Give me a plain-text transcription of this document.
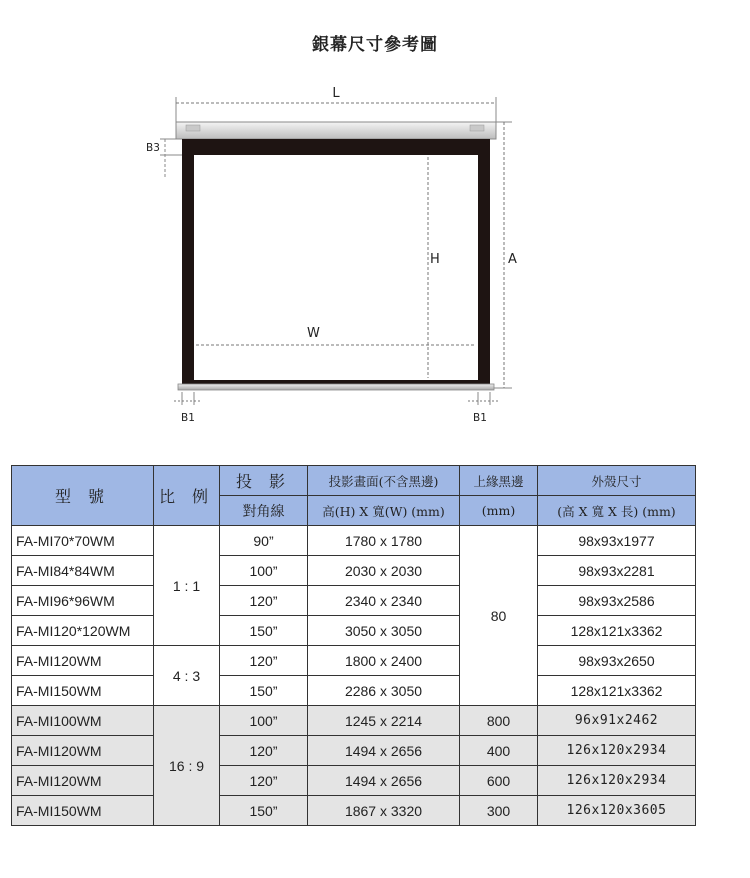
銀幕尺寸參考圖
L
B3
H
W
A
B1	B1
型 號	比 例	投 影	投影畫面(不含黑邊)	上緣黑邊	外殼尺寸
		對角線	高(H) X 寬(W) (mm)	(mm)	(高 X 寬 X 長) (mm)
FA-MI70*70WM	1 : 1	90”	1780 x 1780	80	98x93x1977
FA-MI84*84WM		100”	2030 x 2030		98x93x2281
FA-MI96*96WM		120”	2340 x 2340		98x93x2586
FA-MI120*120WM		150”	3050 x 3050		128x121x3362
FA-MI120WM	4 : 3	120”	1800 x 2400		98x93x2650
FA-MI150WM		150”	2286 x 3050		128x121x3362
FA-MI100WM	16 : 9	100”	1245 x 2214	800	96x91x2462
FA-MI120WM		120”	1494 x 2656	400	126x120x2934
FA-MI120WM		120”	1494 x 2656	600	126x120x2934
FA-MI150WM		150”	1867 x 3320	300	126x120x3605
